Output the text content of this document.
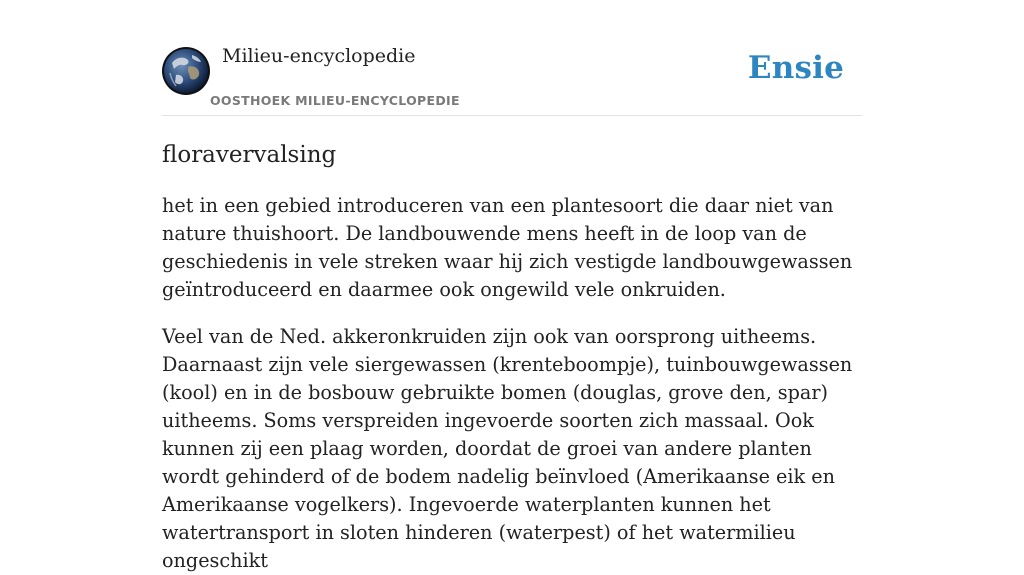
Milieu-encyclopedie
OOSTHOEK MILIEU-ENCYCLOPEDIE
Ensie
floravervalsing

het in een gebied introduceren van een plantesoort die daar niet van nature thuishoort. De landbouwende mens heeft in de loop van de geschiedenis in vele streken waar hij zich vestigde landbouwgewassen geïntroduceerd en daarmee ook ongewild vele onkruiden.

Veel van de Ned. akkeronkruiden zijn ook van oorsprong uitheems. Daarnaast zijn vele siergewassen (krenteboompje), tuinbouwgewassen (kool) en in de bosbouw gebruikte bomen (douglas, grove den, spar) uitheems. Soms verspreiden ingevoerde soorten zich massaal. Ook kunnen zij een plaag worden, doordat de groei van andere planten wordt gehinderd of de bodem nadelig beïnvloed (Amerikaanse eik en Amerikaanse vogelkers). Ingevoerde waterplanten kunnen het watertransport in sloten hinderen (waterpest) of het watermilieu ongeschikt
